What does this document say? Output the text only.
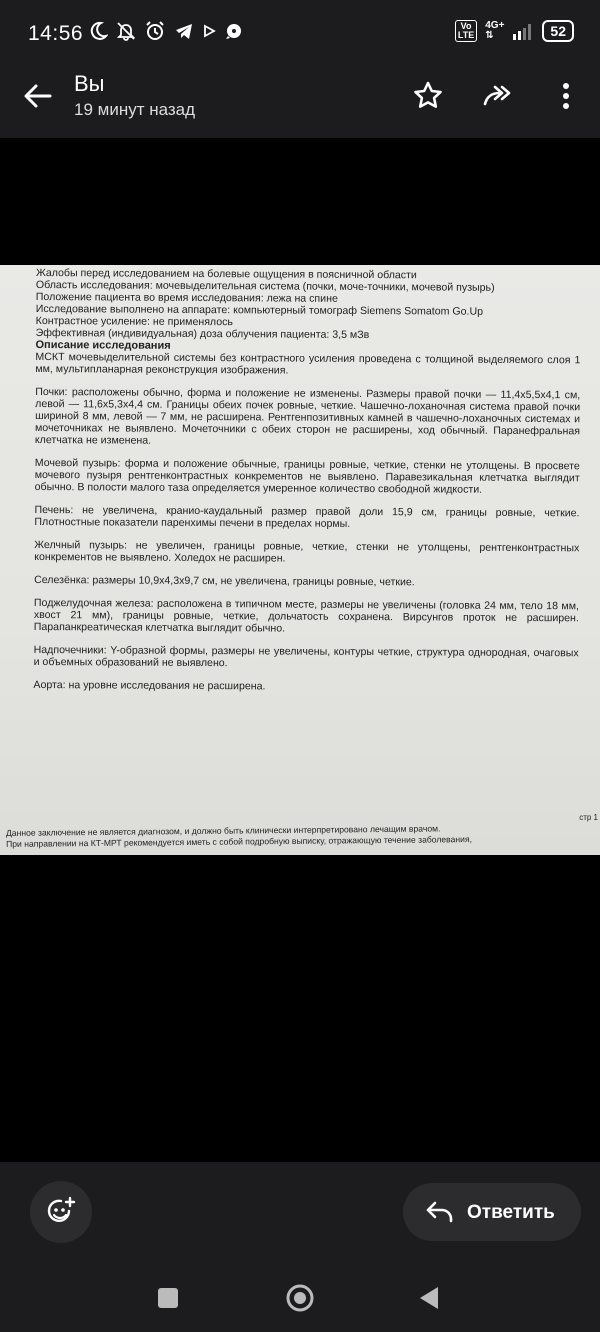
14:56	Vo
LTE
4G+
⇅	52
Вы
19 минут назад

Жалобы перед исследованием на болевые ощущения в поясничной области

Область исследования: мочевыделительная система (почки, моче-точники, мочевой пузырь)

Положение пациента во время исследования: лежа на спине

Исследование выполнено на аппарате: компьютерный томограф Siemens Somatom Go.Up

Контрастное усиление: не применялось

Эффективная (индивидуальная) доза облучения пациента: 3,5 мЗв

Описание исследования

МСКТ мочевыделительной системы без контрастного усиления проведена с толщиной выделяемого слоя 1 мм, мультипланарная реконструкция изображения.

Почки: расположены обычно, форма и положение не изменены. Размеры правой почки — 11,4х5,5х4,1 см, левой — 11,6х5,3х4,4 см. Границы обеих почек ровные, четкие. Чашечно-лоханочная система правой почки шириной 8 мм, левой — 7 мм, не расширена. Рентгенпозитивных камней в чашечно-лоханочных системах и мочеточниках не выявлено. Мочеточники с обеих сторон не расширены, ход обычный. Паранефральная клетчатка не изменена.

Мочевой пузырь: форма и положение обычные, границы ровные, четкие, стенки не утолщены. В просвете мочевого пузыря рентгенконтрастных конкрементов не выявлено. Паравезикальная клетчатка выглядит обычно. В полости малого таза определяется умеренное количество свободной жидкости.

Печень: не увеличена, кранио-каудальный размер правой доли 15,9 см, границы ровные, четкие. Плотностные показатели паренхимы печени в пределах нормы.

Желчный пузырь: не увеличен, границы ровные, четкие, стенки не утолщены, рентгенконтрастных конкрементов не выявлено. Холедох не расширен.

Селезёнка: размеры 10,9х4,3х9,7 см, не увеличена, границы ровные, четкие.

Поджелудочная железа: расположена в типичном месте, размеры не увеличены (головка 24 мм, тело 18 мм, хвост 21 мм), границы ровные, четкие, дольчатость сохранена. Вирсунгов проток не расширен. Парапанкреатическая клетчатка выглядит обычно.

Надпочечники: Y-образной формы, размеры не увеличены, контуры четкие, структура однородная, очаговых и объемных образований не выявлено.

Аорта: на уровне исследования не расширена.

стр 1
Данное заключение не является диагнозом, и должно быть клинически интерпретировано лечащим врачом.
При направлении на КТ-МРТ рекомендуется иметь с собой подробную выписку, отражающую течение заболевания,
Ответить
